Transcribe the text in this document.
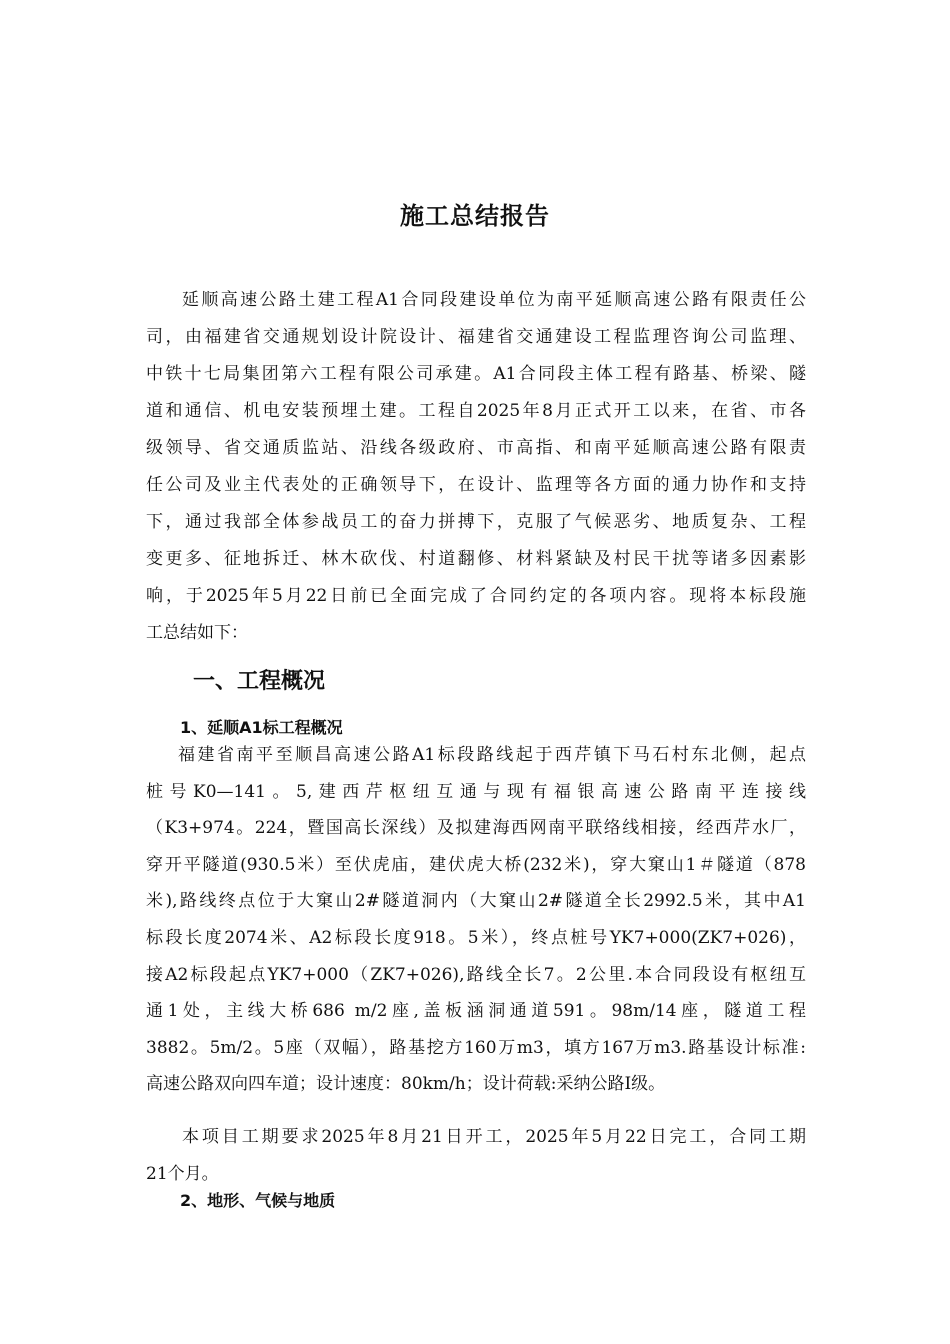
施工总结报告
延顺高速公路土建工程A1合同段建设单位为南平延顺高速公路有限责任公
司，由福建省交通规划设计院设计、福建省交通建设工程监理咨询公司监理、
中铁十七局集团第六工程有限公司承建。A1合同段主体工程有路基、桥梁、隧
道和通信、机电安装预埋土建。工程自2025年8月正式开工以来，在省、市各
级领导、省交通质监站、沿线各级政府、市高指、和南平延顺高速公路有限责
任公司及业主代表处的正确领导下，在设计、监理等各方面的通力协作和支持
下，通过我部全体参战员工的奋力拼搏下，克服了气候恶劣、地质复杂、工程
变更多、征地拆迁、林木砍伐、村道翻修、材料紧缺及村民干扰等诸多因素影
响，于2025年5月22日前已全面完成了合同约定的各项内容。现将本标段施
工总结如下：
一、工程概况
1、延顺A1标工程概况
福建省南平至顺昌高速公路A1标段路线起于西芹镇下马石村东北侧，起点
桩号K0—141。5,建西芹枢纽互通与现有福银高速公路南平连接线
（K3+974。224，暨国高长深线）及拟建海西网南平联络线相接，经西芹水厂，
穿开平隧道(930.5米）至伏虎庙，建伏虎大桥(232米)，穿大窠山1＃隧道（878
米),路线终点位于大窠山2#隧道洞内（大窠山2#隧道全长2992.5米，其中A1
标段长度2074米、A2标段长度918。5米），终点桩号YK7+000(ZK7+026)，
接A2标段起点YK7+000（ZK7+026),路线全长7。2公里.本合同段设有枢纽互
通1处，主线大桥686 m/2座,盖板涵洞通道591。98m/14座，隧道工程
3882。5m/2。5座（双幅），路基挖方160万m3，填方167万m3.路基设计标准:
高速公路双向四车道；设计速度：80km/h；设计荷载:采纳公路Ⅰ级。
本项目工期要求2025年8月21日开工，2025年5月22日完工，合同工期
21个月。
2、地形、气候与地质
